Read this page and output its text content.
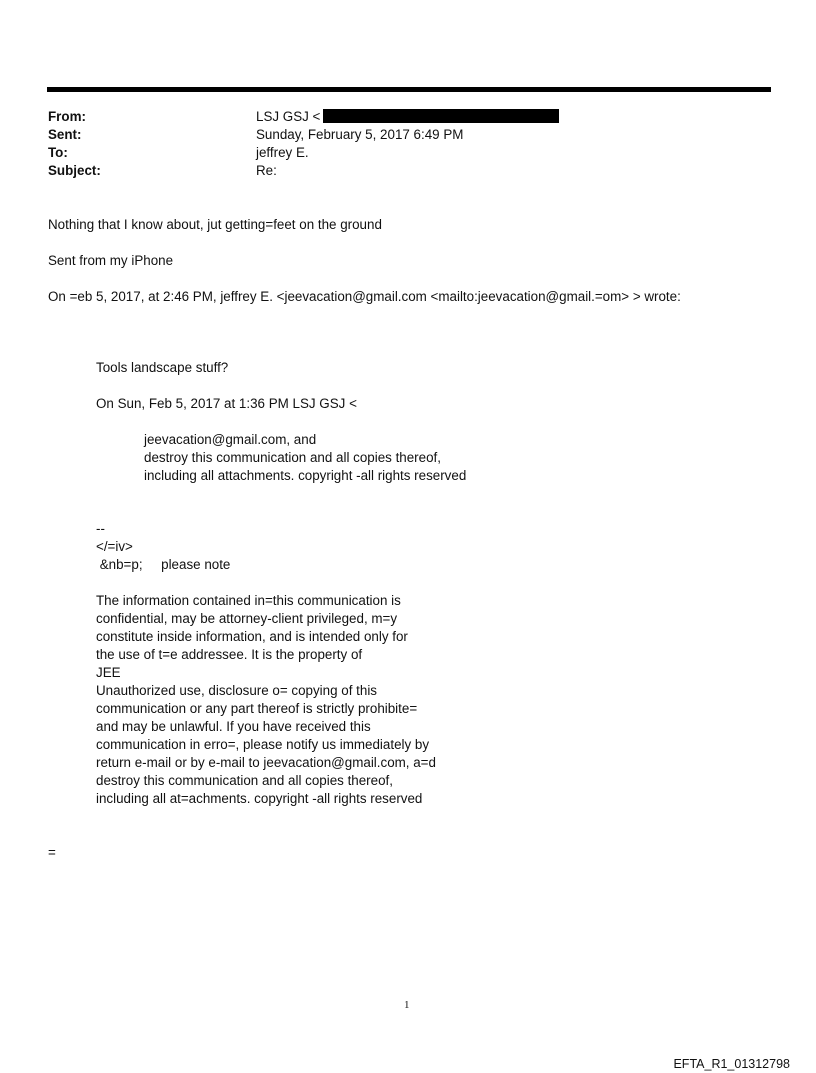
From:	LSJ GSJ <
Sent:	Sunday, February 5, 2017 6:49 PM
To:	jeffrey E.
Subject:	Re:
Nothing that I know about, jut getting=feet on the ground
Sent from my iPhone
On =eb 5, 2017, at 2:46 PM, jeffrey E. <jeevacation@gmail.com <mailto:jeevacation@gmail.=om> > wrote:
Tools landscape stuff?
On Sun, Feb 5, 2017 at 1:36 PM LSJ GSJ <
jeevacation@gmail.com, and
destroy this communication and all copies thereof,
including all attachments. copyright -all rights reserved
--
</=iv>
&nb=p;     please note
The information contained in=this communication is
confidential, may be attorney-client privileged, m=y
constitute inside information, and is intended only for
the use of t=e addressee. It is the property of
JEE
Unauthorized use, disclosure o= copying of this
communication or any part thereof is strictly prohibite=
and may be unlawful. If you have received this
communication in erro=, please notify us immediately by
return e-mail or by e-mail to jeevacation@gmail.com, a=d
destroy this communication and all copies thereof,
including all at=achments. copyright -all rights reserved
=
1
EFTA_R1_01312798
